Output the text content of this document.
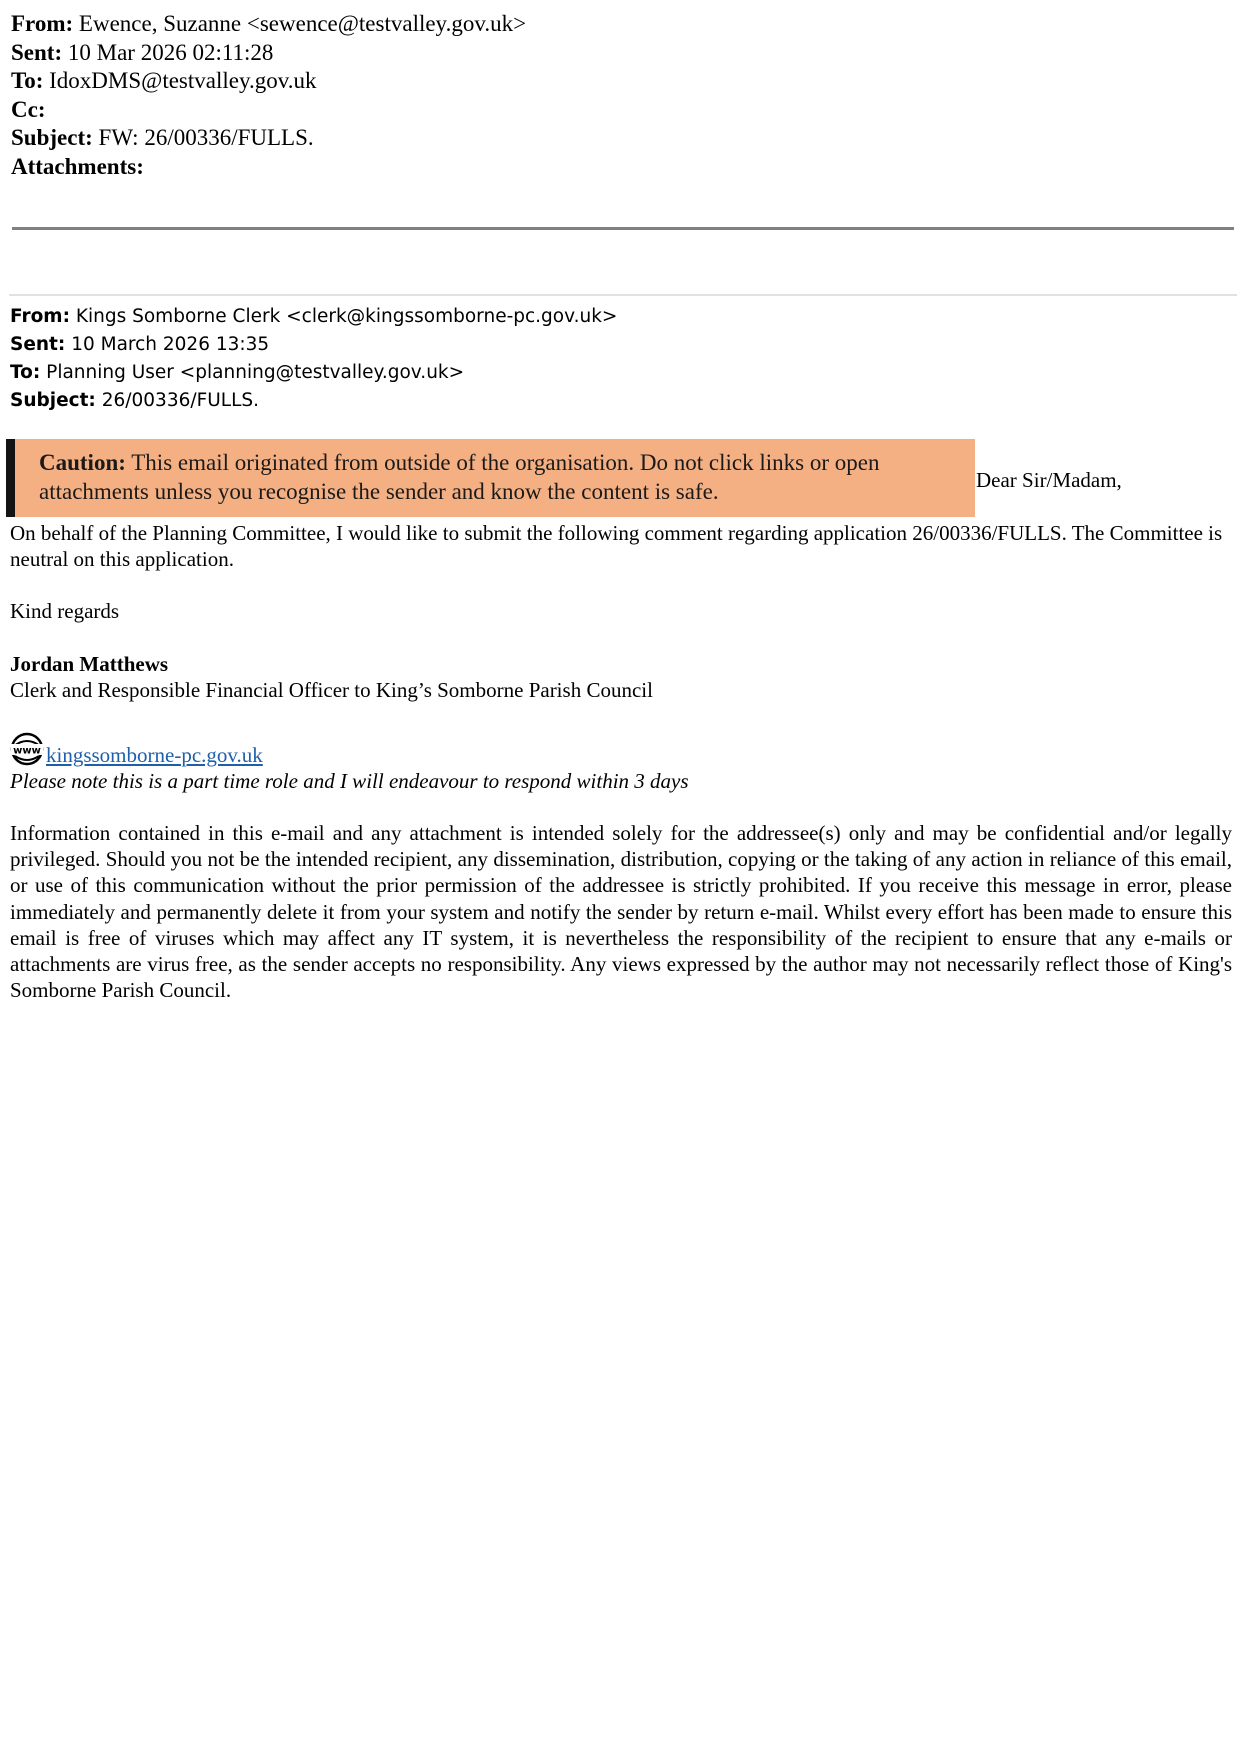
From: Ewence, Suzanne <sewence@testvalley.gov.uk>
Sent: 10 Mar 2026 02:11:28
To: IdoxDMS@testvalley.gov.uk
Cc:
Subject: FW: 26/00336/FULLS.
Attachments:
From: Kings Somborne Clerk <clerk@kingssomborne-pc.gov.uk>
Sent: 10 March 2026 13:35
To: Planning User <planning@testvalley.gov.uk>
Subject: 26/00336/FULLS.
Caution: This email originated from outside of the organisation. Do not click links or open attachments unless you recognise the sender and know the content is safe.	Dear Sir/Madam,
On behalf of the Planning Committee, I would like to submit the following comment regarding application 26/00336/FULLS. The Committee is neutral on this application.
Kind regards
Jordan Matthews
Clerk and Responsible Financial Officer to King’s Somborne Parish Council
www kingssomborne-pc.gov.uk
Please note this is a part time role and I will endeavour to respond within 3 days
Information contained in this e-mail and any attachment is intended solely for the addressee(s) only and may be confidential and/or legally privileged. Should you not be the intended recipient, any dissemination, distribution, copying or the taking of any action in reliance of this email, or use of this communication without the prior permission of the addressee is strictly prohibited. If you receive this message in error, please immediately and permanently delete it from your system and notify the sender by return e-mail. Whilst every effort has been made to ensure this email is free of viruses which may affect any IT system, it is nevertheless the responsibility of the recipient to ensure that any e-mails or attachments are virus free, as the sender accepts no responsibility. Any views expressed by the author may not necessarily reflect those of King's Somborne Parish Council.
